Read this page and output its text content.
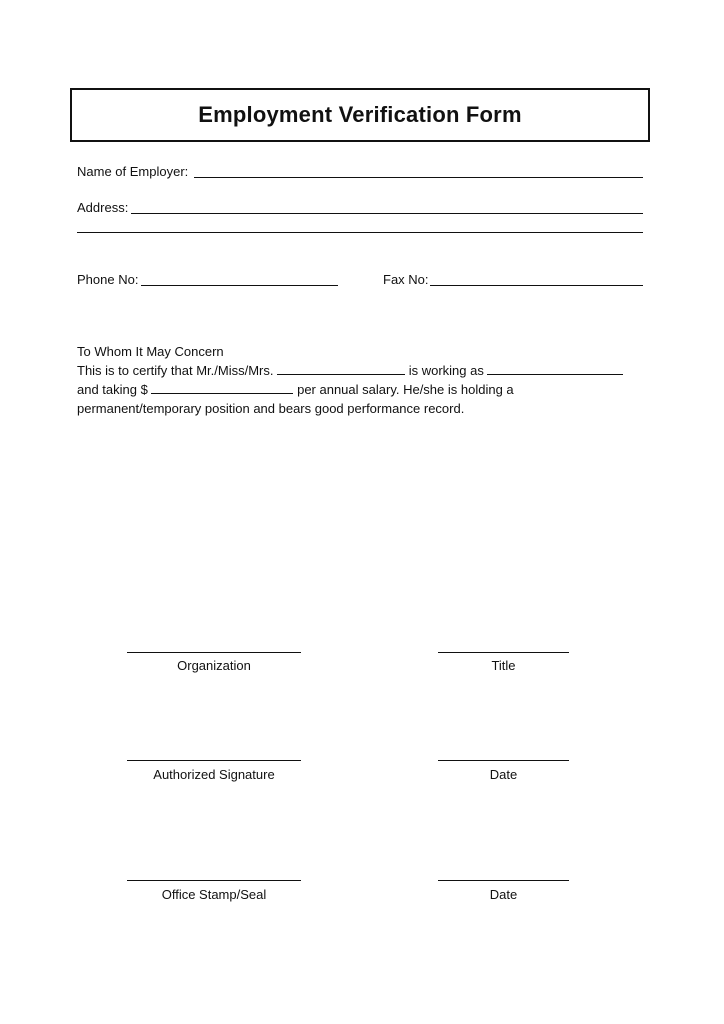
Employment Verification Form
Name of Employer:
Address:
Phone No:	Fax No:
To Whom It May Concern
This is to certify that Mr./Miss/Mrs.	is working as
and taking $	per annual salary. He/she is holding a
permanent/temporary position and bears good performance record.
Organization	Title
Authorized Signature	Date
Office Stamp/Seal	Date
